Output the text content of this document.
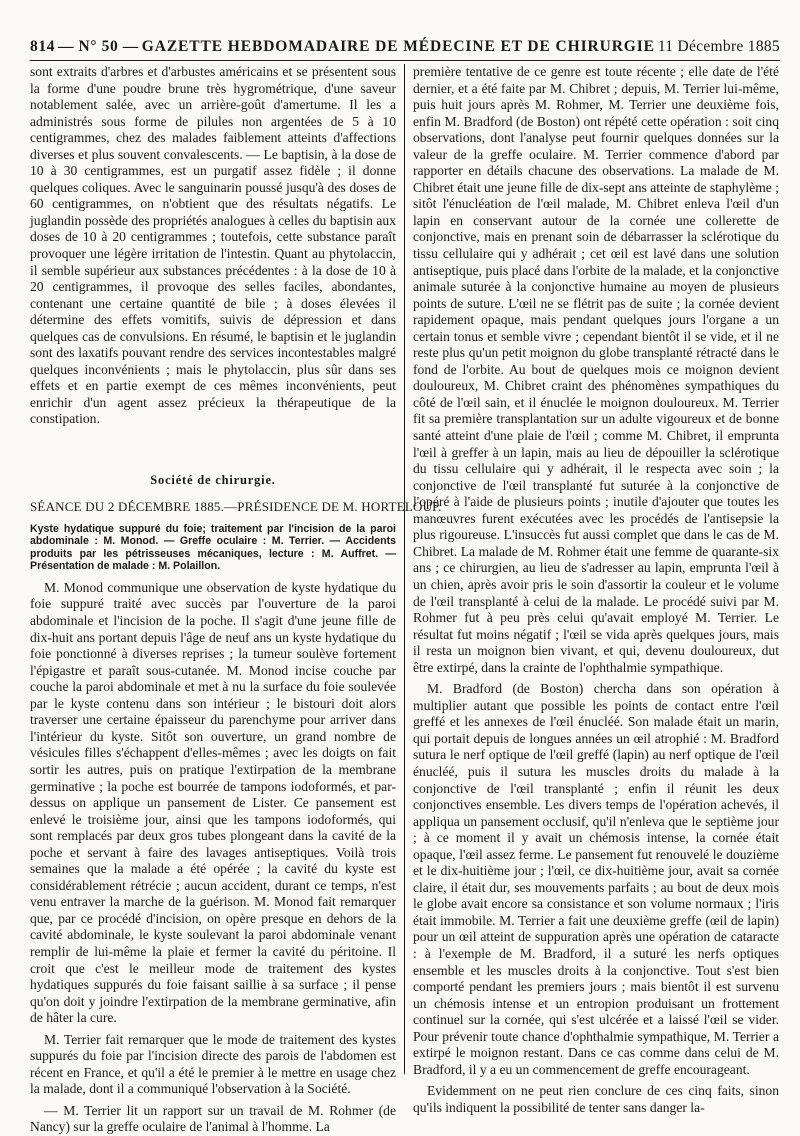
814 — N° 50 — GAZETTE HEBDOMADAIRE DE MÉDECINE ET DE CHIRURGIE 11 Décembre 1885

sont extraits d'arbres et d'arbustes américains et se présentent sous la forme d'une poudre brune très hygrométrique, d'une saveur notablement salée, avec un arrière-goût d'amertume. Il les a administrés sous forme de pilules non argentées de 5 à 10 centigrammes, chez des malades faiblement atteints d'affections diverses et plus souvent convalescents. — Le baptisin, à la dose de 10 à 30 centigrammes, est un purgatif assez fidèle ; il donne quelques coliques. Avec le sanguinarin poussé jusqu'à des doses de 60 centigrammes, on n'obtient que des résultats négatifs. Le juglandin possède des propriétés analogues à celles du baptisin aux doses de 10 à 20 centigrammes ; toutefois, cette substance paraît provoquer une légère irritation de l'intestin. Quant au phytolaccin, il semble supérieur aux substances précédentes : à la dose de 10 à 20 centigrammes, il provoque des selles faciles, abondantes, contenant une certaine quantité de bile ; à doses élevées il détermine des effets vomitifs, suivis de dépression et dans quelques cas de convulsions. En résumé, le baptisin et le juglandin sont des laxatifs pouvant rendre des services incontestables malgré quelques inconvénients ; mais le phytolaccin, plus sûr dans ses effets et en partie exempt de ces mêmes inconvénients, peut enrichir d'un agent assez précieux la thérapeutique de la constipation.

Société de chirurgie.
SÉANCE DU 2 DÉCEMBRE 1885.—PRÉSIDENCE DE M. HORTELOUP.
Kyste hydatique suppuré du foie; traitement par l'incision de la paroi abdominale : M. Monod. — Greffe oculaire : M. Terrier. — Accidents produits par les pétrisseuses mécaniques, lecture : M. Auffret. — Présentation de malade : M. Polaillon.

M. Monod communique une observation de kyste hydatique du foie suppuré traité avec succès par l'ouverture de la paroi abdominale et l'incision de la poche. Il s'agit d'une jeune fille de dix-huit ans portant depuis l'âge de neuf ans un kyste hydatique du foie ponctionné à diverses reprises ; la tumeur soulève fortement l'épigastre et paraît sous-cutanée. M. Monod incise couche par couche la paroi abdominale et met à nu la surface du foie soulevée par le kyste contenu dans son intérieur ; le bistouri doit alors traverser une certaine épaisseur du parenchyme pour arriver dans l'intérieur du kyste. Sitôt son ouverture, un grand nombre de vésicules filles s'échappent d'elles-mêmes ; avec les doigts on fait sortir les autres, puis on pratique l'extirpation de la membrane germinative ; la poche est bourrée de tampons iodoformés, et par-dessus on applique un pansement de Lister. Ce pansement est enlevé le troisième jour, ainsi que les tampons iodoformés, qui sont remplacés par deux gros tubes plongeant dans la cavité de la poche et servant à faire des lavages antiseptiques. Voilà trois semaines que la malade a été opérée ; la cavité du kyste est considérablement rétrécie ; aucun accident, durant ce temps, n'est venu entraver la marche de la guérison. M. Monod fait remarquer que, par ce procédé d'incision, on opère presque en dehors de la cavité abdominale, le kyste soulevant la paroi abdominale venant remplir de lui-même la plaie et fermer la cavité du péritoine. Il croit que c'est le meilleur mode de traitement des kystes hydatiques suppurés du foie faisant saillie à sa surface ; il pense qu'on doit y joindre l'extirpation de la membrane germinative, afin de hâter la cure.

M. Terrier fait remarquer que le mode de traitement des kystes suppurés du foie par l'incision directe des parois de l'abdomen est récent en France, et qu'il a été le premier à le mettre en usage chez la malade, dont il a communiqué l'observation à la Société.

— M. Terrier lit un rapport sur un travail de M. Rohmer (de Nancy) sur la greffe oculaire de l'animal à l'homme. La

première tentative de ce genre est toute récente ; elle date de l'été dernier, et a été faite par M. Chibret ; depuis, M. Terrier lui-même, puis huit jours après M. Rohmer, M. Terrier une deuxième fois, enfin M. Bradford (de Boston) ont répété cette opération : soit cinq observations, dont l'analyse peut fournir quelques données sur la valeur de la greffe oculaire. M. Terrier commence d'abord par rapporter en détails chacune des observations. La malade de M. Chibret était une jeune fille de dix-sept ans atteinte de staphylème ; sitôt l'énucléation de l'œil malade, M. Chibret enleva l'œil d'un lapin en conservant autour de la cornée une collerette de conjonctive, mais en prenant soin de débarrasser la sclérotique du tissu cellulaire qui y adhérait ; cet œil est lavé dans une solution antiseptique, puis placé dans l'orbite de la malade, et la conjonctive animale suturée à la conjonctive humaine au moyen de plusieurs points de suture. L'œil ne se flétrit pas de suite ; la cornée devient rapidement opaque, mais pendant quelques jours l'organe a un certain tonus et semble vivre ; cependant bientôt il se vide, et il ne reste plus qu'un petit moignon du globe transplanté rétracté dans le fond de l'orbite. Au bout de quelques mois ce moignon devient douloureux, M. Chibret craint des phénomènes sympathiques du côté de l'œil sain, et il énuclée le moignon douloureux. M. Terrier fit sa première transplantation sur un adulte vigoureux et de bonne santé atteint d'une plaie de l'œil ; comme M. Chibret, il emprunta l'œil à greffer à un lapin, mais au lieu de dépouiller la sclérotique du tissu cellulaire qui y adhérait, il le respecta avec soin ; la conjonctive de l'œil transplanté fut suturée à la conjonctive de l'opéré à l'aide de plusieurs points ; inutile d'ajouter que toutes les manœuvres furent exécutées avec les procédés de l'antisepsie la plus rigoureuse. L'insuccès fut aussi complet que dans le cas de M. Chibret. La malade de M. Rohmer était une femme de quarante-six ans ; ce chirurgien, au lieu de s'adresser au lapin, emprunta l'œil à un chien, après avoir pris le soin d'assortir la couleur et le volume de l'œil transplanté à celui de la malade. Le procédé suivi par M. Rohmer fut à peu près celui qu'avait employé M. Terrier. Le résultat fut moins négatif ; l'œil se vida après quelques jours, mais il resta un moignon bien vivant, et qui, devenu douloureux, dut être extirpé, dans la crainte de l'ophthalmie sympathique.

M. Bradford (de Boston) chercha dans son opération à multiplier autant que possible les points de contact entre l'œil greffé et les annexes de l'œil énucléé. Son malade était un marin, qui portait depuis de longues années un œil atrophié : M. Bradford sutura le nerf optique de l'œil greffé (lapin) au nerf optique de l'œil énucléé, puis il sutura les muscles droits du malade à la conjonctive de l'œil transplanté ; enfin il réunit les deux conjonctives ensemble. Les divers temps de l'opération achevés, il appliqua un pansement occlusif, qu'il n'enleva que le septième jour ; à ce moment il y avait un chémosis intense, la cornée était opaque, l'œil assez ferme. Le pansement fut renouvelé le douzième et le dix-huitième jour ; l'œil, ce dix-huitième jour, avait sa cornée claire, il était dur, ses mouvements parfaits ; au bout de deux mois le globe avait encore sa consistance et son volume normaux ; l'iris était immobile. M. Terrier a fait une deuxième greffe (œil de lapin) pour un œil atteint de suppuration après une opération de cataracte : à l'exemple de M. Bradford, il a suturé les nerfs optiques ensemble et les muscles droits à la conjonctive. Tout s'est bien comporté pendant les premiers jours ; mais bientôt il est survenu un chémosis intense et un entropion produisant un frottement continuel sur la cornée, qui s'est ulcérée et a laissé l'œil se vider. Pour prévenir toute chance d'ophthalmie sympathique, M. Terrier a extirpé le moignon restant. Dans ce cas comme dans celui de M. Bradford, il y a eu un commencement de greffe encourageant.

Evidemment on ne peut rien conclure de ces cinq faits, sinon qu'ils indiquent la possibilité de tenter sans danger la-
